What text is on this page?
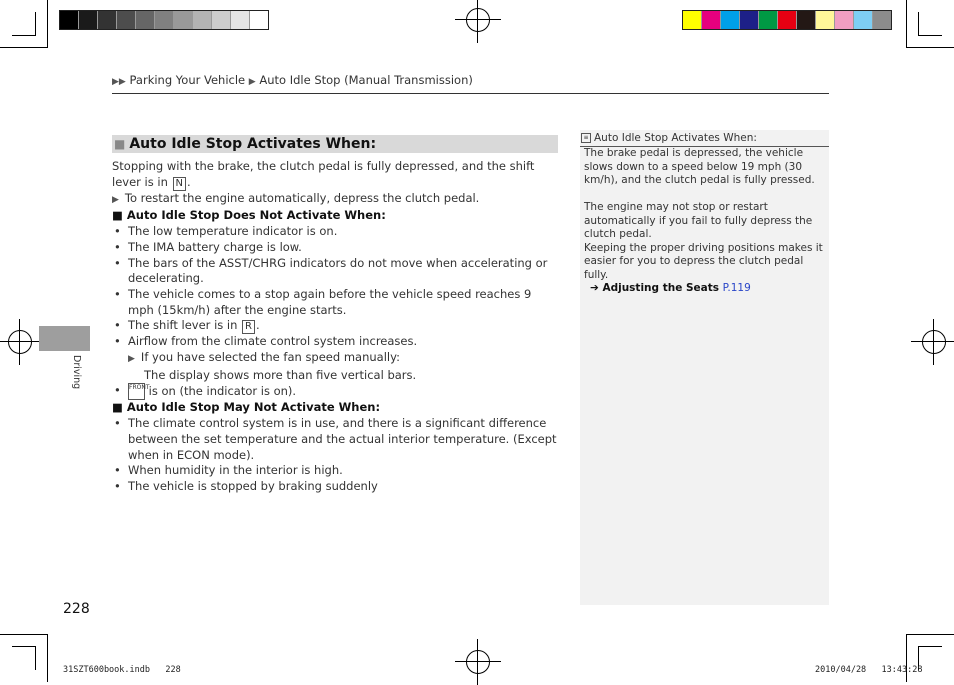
▶▶ Parking Your Vehicle ▶ Auto Idle Stop (Manual Transmission)
Driving
■ Auto Idle Stop Activates When:

Stopping with the brake, the clutch pedal is fully depressed, and the shift lever is in N .

▶ To restart the engine automatically, depress the clutch pedal.

■ Auto Idle Stop Does Not Activate When:
• The low temperature indicator is on.
• The IMA battery charge is low.
• The bars of the ASST/CHRG indicators do not move when accelerating or decelerating.
• The vehicle comes to a stop again before the vehicle speed reaches 9 mph (15km/h) after the engine starts.
• The shift lever is in R .
• Airflow from the climate control system increases.
▶ If you have selected the fan speed manually:
The display shows more than five vertical bars.
• FRONT is on (the indicator is on).
■ Auto Idle Stop May Not Activate When:
• The climate control system is in use, and there is a significant difference between the set temperature and the actual interior temperature. (Except when in ECON mode).
• When humidity in the interior is high.
• The vehicle is stopped by braking suddenly
≡ Auto Idle Stop Activates When:

The brake pedal is depressed, the vehicle slows down to a speed below 19 mph (30 km/h), and the clutch pedal is fully pressed.

The engine may not stop or restart automatically if you fail to fully depress the clutch pedal.

Keeping the proper driving positions makes it easier for you to depress the clutch pedal fully.

➔ Adjusting the Seats P.119

228
31SZT600book.indb   228	2010/04/28   13:43:28
